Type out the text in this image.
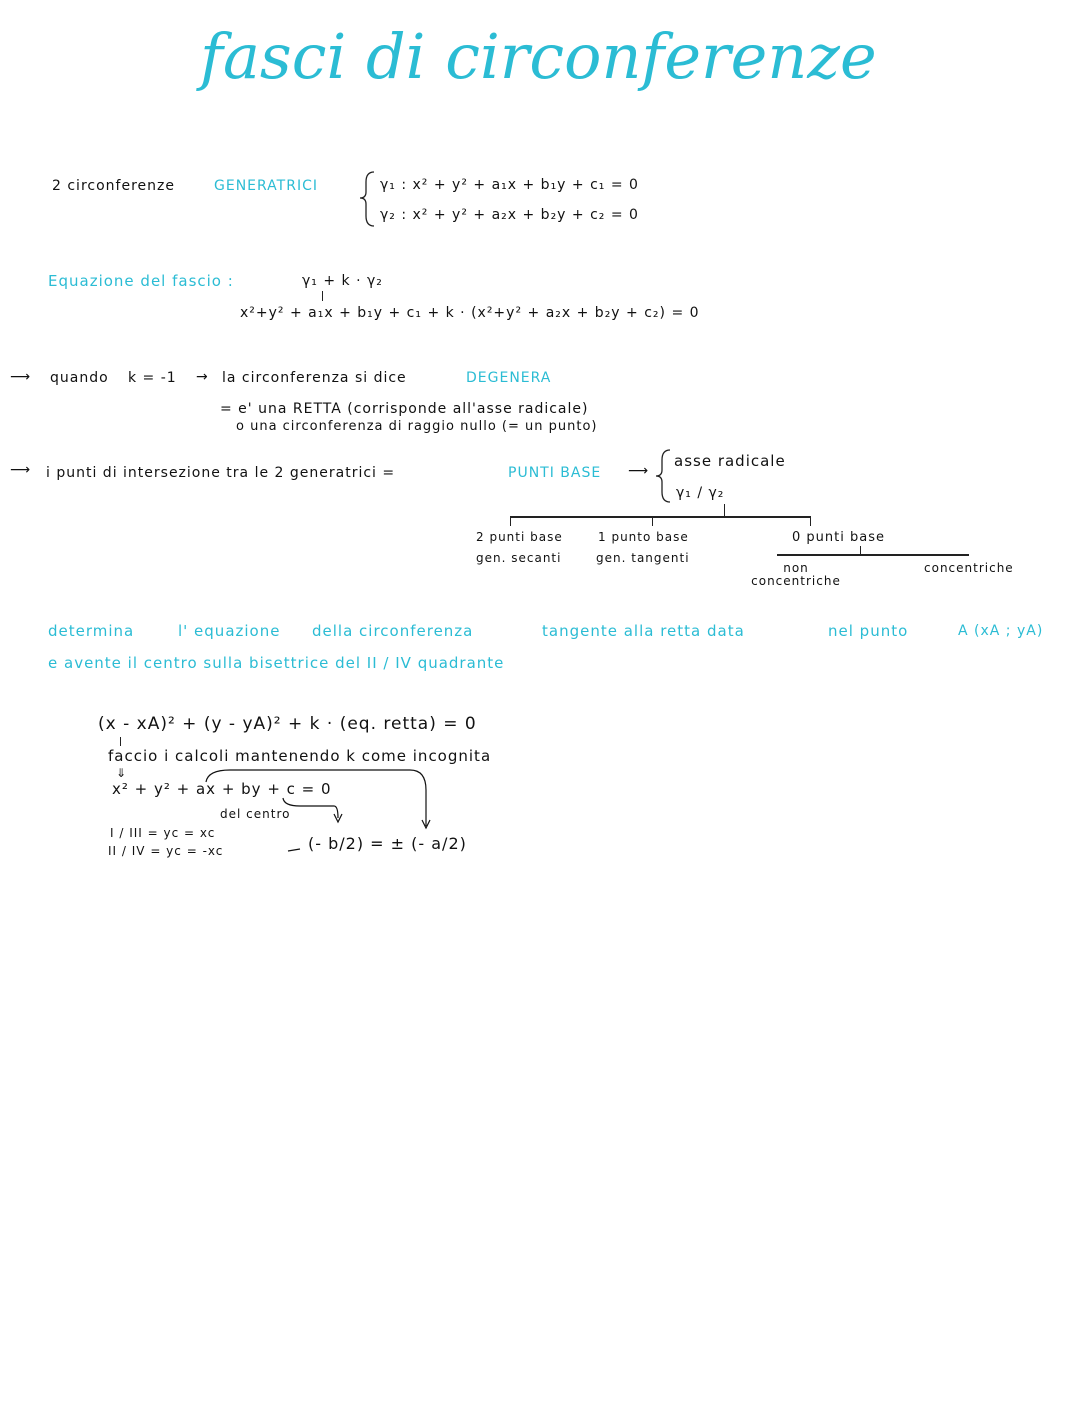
fasci di circonferenze
2 circonferenze	GENERATRICI	γ₁ : x² + y² + a₁x + b₁y + c₁ = 0
γ₂ : x² + y² + a₂x + b₂y + c₂ = 0
Equazione del fascio :	γ₁ + k · γ₂
x²+y² + a₁x + b₁y + c₁ + k · (x²+y² + a₂x + b₂y + c₂) = 0
⟶ quando k = -1 → la circonferenza si dice	DEGENERA
= e' una RETTA (corrisponde all'asse radicale)
o una circonferenza di raggio nullo (= un punto)
⟶ i punti di intersezione tra le 2 generatrici =	PUNTI BASE ⟶
asse radicale
γ₁ / γ₂
2 punti base
gen. secanti
1 punto base
gen. tangenti
0 punti base
non concentriche
concentriche
determina	l' equazione della circonferenza	tangente alla retta data	nel punto	A (xA ; yA)
e avente il centro sulla bisettrice del II / IV quadrante
(x - xA)² + (y - yA)² + k · (eq. retta) = 0
faccio i calcoli mantenendo k come incognita
⇓
x² + y² + ax + by + c = 0
del centro
I / III = yc = xc
II / IV = yc = -xc	(- b/2) = ± (- a/2)
